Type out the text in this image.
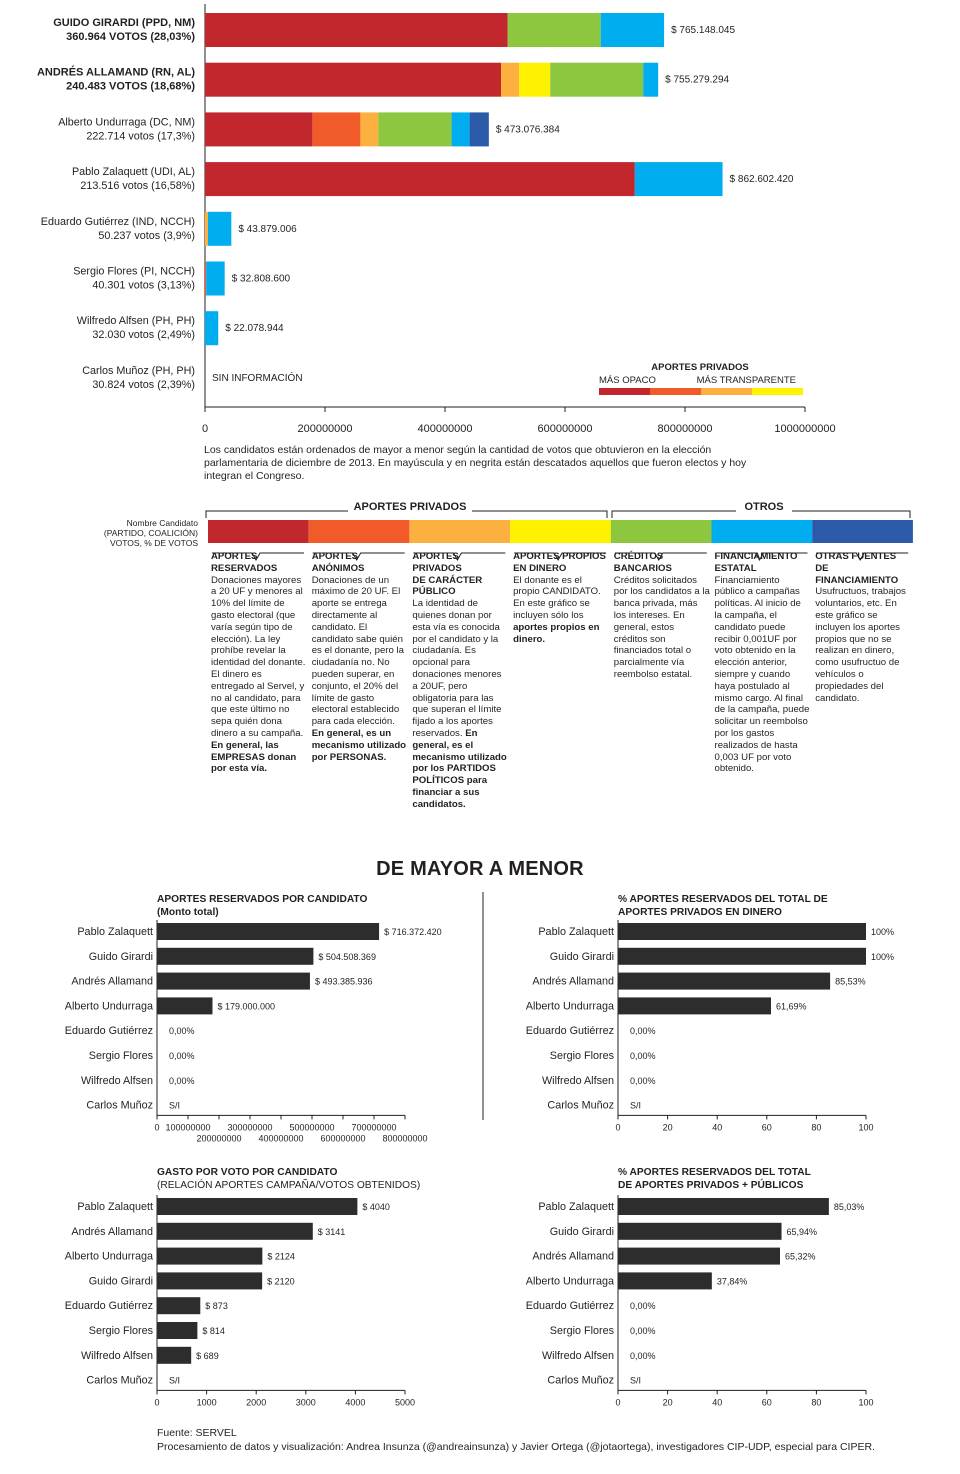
0	200000000	400000000	600000000	800000000	1000000000
GUIDO GIRARDI (PPD, NM)
360.964 VOTOS (28,03%)
$ 765.148.045
ANDRÉS ALLAMAND (RN, AL)
240.483 VOTOS (18,68%)
$ 755.279.294
Alberto Undurraga (DC, NM)
222.714 votos (17,3%)
$ 473.076.384
Pablo Zalaquett (UDI, AL)
213.516 votos (16,58%)
$ 862.602.420
Eduardo Gutiérrez (IND, NCCH)
50.237 votos (3,9%)
$ 43.879.006
Sergio Flores (PI, NCCH)
40.301 votos (3,13%)
$ 32.808.600
Wilfredo Alfsen (PH, PH)
32.030 votos (2,49%)
$ 22.078.944
Carlos Muñoz (PH, PH)
30.824 votos (2,39%)
SIN INFORMACIÓN
APORTES PRIVADOS
MÁS OPACO	MÁS TRANSPARENTE
Los candidatos están ordenados de mayor a menor según la cantidad de votos que obtuvieron en la elección parlamentaria de diciembre de 2013. En mayúscula y en negrita están descatados aquellos que fueron electos y hoy integran el Congreso.
APORTES PRIVADOS	OTROS
Nombre Candidato
(PARTIDO, COALICIÓN)
VOTOS, % DE VOTOS
APORTES
RESERVADOS
Donaciones mayores a 20 UF y menores al 10% del límite de gasto electoral (que varía según tipo de elección). La ley prohíbe revelar la identidad del donante. El dinero es entregado al Servel, y no al candidato, para que este último no sepa quién dona dinero a su campaña. En general, las EMPRESAS donan por esta vía.
APORTES
ANÓNIMOS
Donaciones de un máximo de 20 UF. El aporte se entrega directamente al candidato. El candidato sabe quién es el donante, pero la ciudadanía no. No pueden superar, en conjunto, el 20% del límite de gasto electoral establecido para cada elección. En general, es un mecanismo utilizado por PERSONAS.
APORTES PRIVADOS
DE CARÁCTER PÚBLICO
La identidad de quienes donan por esta vía es conocida por el candidato y la ciudadanía. Es opcional para donaciones menores a 20UF, pero obligatoria para las que superan el límite fijado a los aportes reservados. En general, es el mecanismo utilizado por los PARTIDOS POLÍTICOS para financiar a sus candidatos.
APORTES PROPIOS
EN DINERO
El donante es el propio CANDIDATO. En este gráfico se incluyen sólo los aportes propios en dinero.
CRÉDITOS
BANCARIOS
Créditos solicitados por los candidatos a la banca privada, más los intereses. En general, estos créditos son financiados total o parcialmente vía reembolso estatal.
FINANCIAMIENTO
ESTATAL
Financiamiento público a campañas políticas. Al inicio de la campaña, el candidato puede recibir 0,001UF por voto obtenido en la elección anterior, siempre y cuando haya postulado al mismo cargo. Al final de la campaña, puede solicitar un reembolso por los gastos realizados de hasta 0,003 UF por voto obtenido.
OTRAS FUENTES
DE FINANCIAMIENTO
Usufructuos, trabajos voluntarios, etc. En este gráfico se incluyen los aportes propios que no se realizan en dinero, como usufructuo de vehículos o propiedades del candidato.
DE MAYOR A MENOR
APORTES RESERVADOS POR CANDIDATO
(Monto total)
0 100000000
200000000
300000000
400000000
500000000
600000000
700000000
800000000
Pablo Zalaquett	$ 716.372.420
Guido Girardi	$ 504.508.369
Andrés Allamand	$ 493.385.936
Alberto Undurraga	$ 179.000.000
Eduardo Gutiérrez 0,00%
Sergio Flores 0,00%
Wilfredo Alfsen 0,00%
Carlos Muñoz S/I
% APORTES RESERVADOS DEL TOTAL DE
APORTES PRIVADOS EN DINERO
0	20	40	60	80	100
Pablo Zalaquett	100%
Guido Girardi	100%
Andrés Allamand	85,53%
Alberto Undurraga	61,69%
Eduardo Gutiérrez 0,00%
Sergio Flores 0,00%
Wilfredo Alfsen 0,00%
Carlos Muñoz S/I
GASTO POR VOTO POR CANDIDATO
(RELACIÓN APORTES CAMPAÑA/VOTOS OBTENIDOS)
0	1000	2000	3000	4000	5000
Pablo Zalaquett	$ 4040
Andrés Allamand	$ 3141
Alberto Undurraga	$ 2124
Guido Girardi	$ 2120
Eduardo Gutiérrez	$ 873
Sergio Flores	$ 814
Wilfredo Alfsen	$ 689
Carlos Muñoz S/I
% APORTES RESERVADOS DEL TOTAL
DE APORTES PRIVADOS + PÚBLICOS
0	20	40	60	80	100
Pablo Zalaquett	85,03%
Guido Girardi	65,94%
Andrés Allamand	65,32%
Alberto Undurraga	37,84%
Eduardo Gutiérrez 0,00%
Sergio Flores 0,00%
Wilfredo Alfsen 0,00%
Carlos Muñoz S/I
Fuente: SERVEL
Procesamiento de datos y visualización: Andrea Insunza (@andreainsunza) y Javier Ortega (@jotaortega), investigadores CIP-UDP, especial para CIPER.
